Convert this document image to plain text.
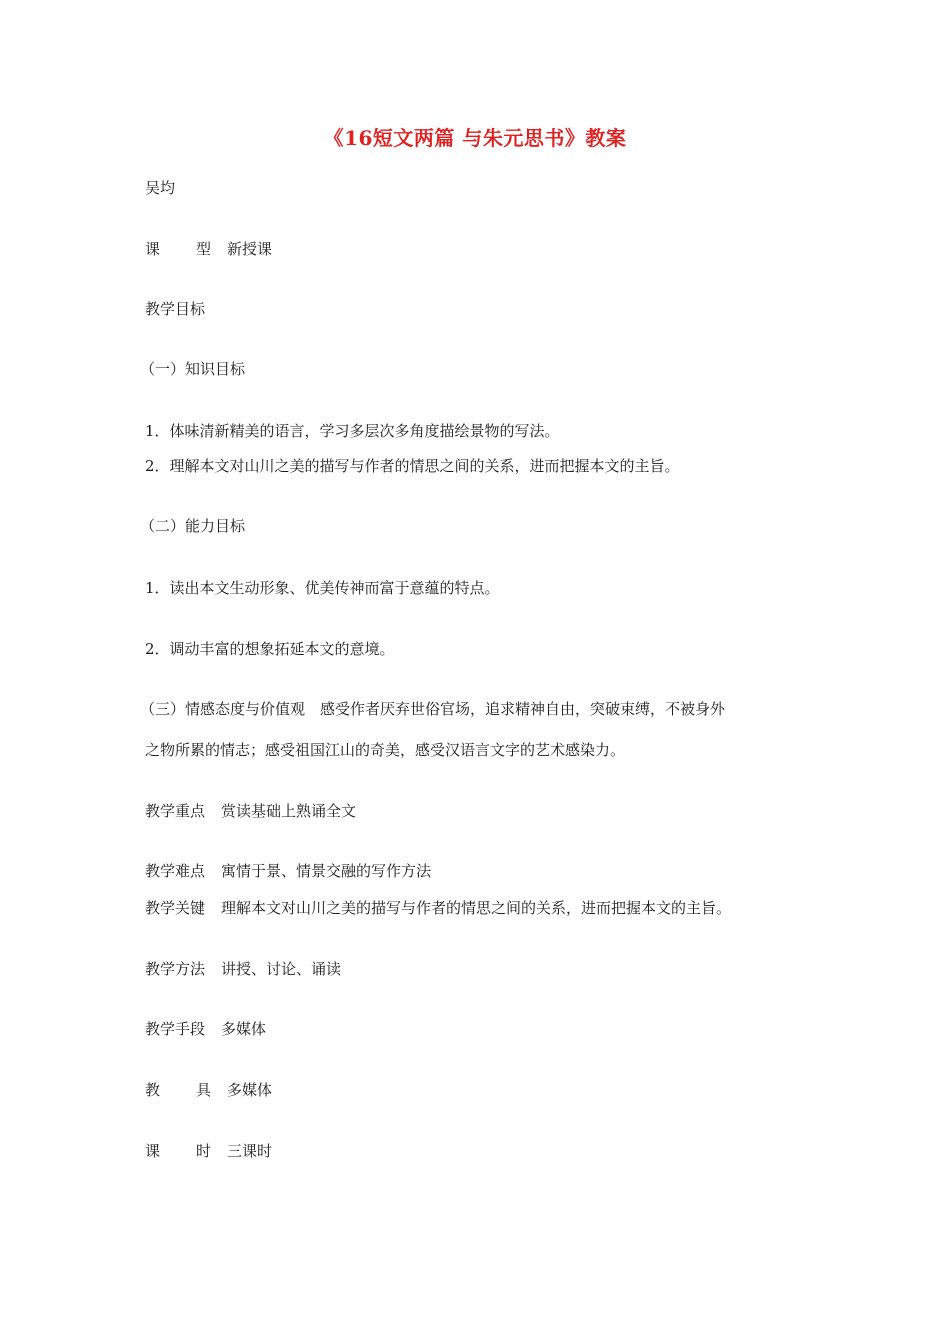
《16短文两篇 与朱元思书》教案
吴均
课 型 新授课
教学目标
（一）知识目标
1．体味清新精美的语言，学习多层次多角度描绘景物的写法。
2．理解本文对山川之美的描写与作者的情思之间的关系，进而把握本文的主旨。
（二）能力目标
1．读出本文生动形象、优美传神而富于意蕴的特点。
2．调动丰富的想象拓延本文的意境。
（三）情感态度与价值观　感受作者厌弃世俗官场，追求精神自由，突破束缚，不被身外
之物所累的情志；感受祖国江山的奇美，感受汉语言文字的艺术感染力。
教学重点 赏读基础上熟诵全文
教学难点 寓情于景、情景交融的写作方法
教学关键 理解本文对山川之美的描写与作者的情思之间的关系，进而把握本文的主旨。
教学方法 讲授、讨论、诵读
教学手段 多媒体
教 具 多媒体
课 时 三课时
